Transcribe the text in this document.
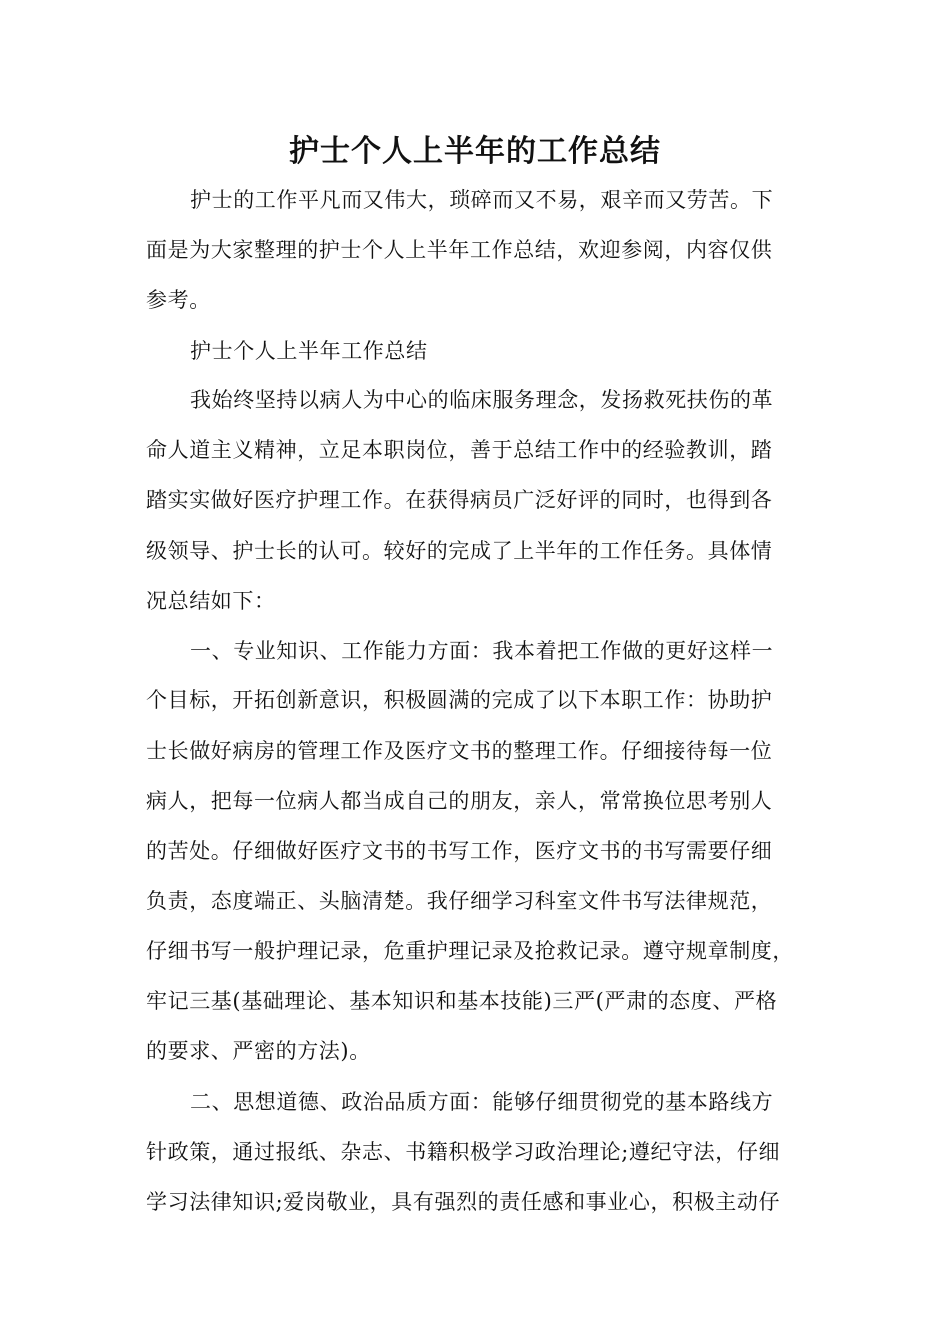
护士个人上半年的工作总结
护士的工作平凡而又伟大，琐碎而又不易，艰辛而又劳苦。下
面是为大家整理的护士个人上半年工作总结，欢迎参阅，内容仅供
参考。
护士个人上半年工作总结
我始终坚持以病人为中心的临床服务理念，发扬救死扶伤的革
命人道主义精神，立足本职岗位，善于总结工作中的经验教训，踏
踏实实做好医疗护理工作。在获得病员广泛好评的同时，也得到各
级领导、护士长的认可。较好的完成了上半年的工作任务。具体情
况总结如下：
一、专业知识、工作能力方面：我本着把工作做的更好这样一
个目标，开拓创新意识，积极圆满的完成了以下本职工作：协助护
士长做好病房的管理工作及医疗文书的整理工作。仔细接待每一位
病人，把每一位病人都当成自己的朋友，亲人，常常换位思考别人
的苦处。仔细做好医疗文书的书写工作，医疗文书的书写需要仔细
负责，态度端正、头脑清楚。我仔细学习科室文件书写法律规范，
仔细书写一般护理记录，危重护理记录及抢救记录。遵守规章制度，
牢记三基(基础理论、基本知识和基本技能)三严(严肃的态度、严格
的要求、严密的方法)。
二、思想道德、政治品质方面：能够仔细贯彻党的基本路线方
针政策，通过报纸、杂志、书籍积极学习政治理论;遵纪守法，仔细
学习法律知识;爱岗敬业，具有强烈的责任感和事业心，积极主动仔
